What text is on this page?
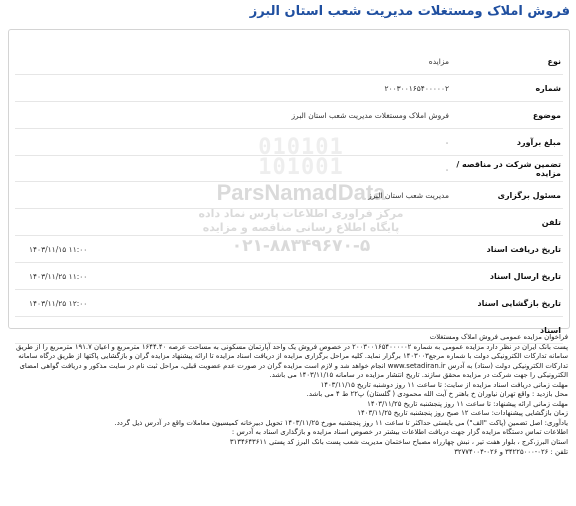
فروش املاک ومستغلات مدیریت شعب استان البرز
010101
101001
ParsNamadData
مرکز فراوری اطلاعات پارس نماد داده
پایگاه اطلاع رسانی مناقصه و مزایده
۰۲۱-۸۸۳۴۹۶۷۰-۵
نوع
مزایده
شماره
۲۰۰۳۰۰۱۶۵۴۰۰۰۰۰۲
موضوع
فروش املاک ومستغلات مدیریت شعب استان البرز
مبلغ برآورد
۰
تضمین شرکت در مناقصه / مزایده
۰
مسئول برگزاری
مدیریت شعب استان البرز
تلفن
تاریخ دریافت اسناد
۱۴۰۳/۱۱/۱۵ ۱۱:۰۰
تاریخ ارسال اسناد
۱۴۰۳/۱۱/۲۵ ۱۱:۰۰
تاریخ بازگشایی اسناد
۱۴۰۳/۱۱/۲۵ ۱۲:۰۰
اسناد

فراخوان مزایده عمومی فروش املاک ومستغلات

پست بانک ایران در نظر دارد مزایده عمومی به شماره ۲۰۰۳۰۰۱۶۵۴۰۰۰۰۰۲ در خصوص فروش یک واحد آپارتمان مسکونی به مساحت عرصه ۱۶۴۴.۴۰ مترمربع و اعیان ۱۹۱.۷ مترمربع را از طریق سامانه تدارکات الکترونیکی دولت با شماره مرجع۱۴۰۳۰۰۳ برگزار نماید. کلیه مراحل برگزاری مزایده از دریافت اسناد مزایده تا ارائه پیشنهاد مزایده گران و بازگشایی پاکتها از طریق درگاه سامانه تدارکات الکترونیکی دولت (ستاد) به آدرس www.setadiran.ir انجام خواهد شد و لازم است مزایده گران در صورت عدم عضویت قبلی، مراحل ثبت نام در سایت مذکور و دریافت گواهی امضای الکترونیکی را جهت شرکت در مزایده محقق سازند. تاریخ انتشار مزایده در سامانه ۱۴۰۳/۱۱/۱۵ می باشد.

مهلت زمانی دریافت اسناد مزایده از سایت: تا ساعت ۱۱ روز دوشنبه تاریخ ۱۴۰۳/۱۱/۱۵

محل بازدید : واقع تهران نیاوران خ باهنر خ آیت الله محمودی ( گلستان) پ۲۲ ط ۴ می باشد.

مهلت زمانی ارائه پیشنهاد: تا ساعت ۱۱ روز پنجشنبه تاریخ ۱۴۰۳/۱۱/۲۵

زمان بازگشایی پیشنهادات: ساعت ۱۲ صبح روز پنجشنبه تاریخ ۱۴۰۳/۱۱/۲۵

یادآوری: اصل تضمین (پاکت "الف") می بایستی حداکثر تا ساعت ۱۱ روز پنجشنبه مورخ ۱۴۰۳/۱۱/۲۵ تحویل دبیرخانه کمیسیون معاملات واقع در آدرس ذیل گردد.

اطلاعات تماس دستگاه مزایده گزار جهت دریافت اطلاعات بیشتر در خصوص اسناد مزایده و بازگذاری اسناد به آدرس :

استان البرز،کرج ، بلوار هفت تیر ، نبش چهارراه مصباح ساختمان مدیریت شعب پست بانک البرز کد پستی ۳۱۳۴۶۴۳۶۱۱

تلفن : ۰۲۶-۳۴۲۲۵۰۰۰ و ۰۲۶-۳۲۷۷۴۰۰۴
